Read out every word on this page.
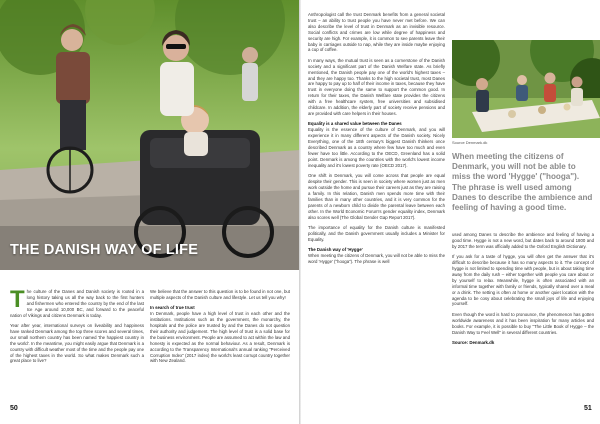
THE DANISH WAY OF LIFE

The culture of the Danes and Danish society is rooted in a long history taking us all the way back to the first hunters and fishermen who entered the country by the end of the last Ice Age around 10,000 BC, and forward to the peaceful nation of Vikings and citizens Denmark is today.

Year after year, international surveys on liveability and happiness have ranked Denmark among the top three scores and several times, our small northern country has been named 'the happiest country in the world'. In the meantime, you might easily argue that Denmark is a country with difficult weather most of the time and the people pay one of the highest taxes in the world. So what makes Denmark such a great place to live?

We believe that the answer to this question is to be found in not one, but multiple aspects of the Danish culture and lifestyle. Let us tell you why!

In search of true trust

In Denmark, people have a high level of trust in each other and the institutions. Institutions such as the government, the monarchy, the hospitals and the police are trusted by and the Danes do not question their authority and judgement. The high level of trust is a solid base for the business environment. People are assumed to act within the law and honesty is expected as the normal behaviour. As a result, Denmark is according to the Transparency International's annual ranking "Perceived Corruption Index" (2017 index) the world's least corrupt country together with New Zealand.

50

Anthropologist call the trust Denmark benefits from a general societal trust – an ability to trust people you have never met before. We can also describe the level of trust in Denmark as an invisible resource. Social conflicts and crimes are low while degree of happiness and security are high. For example, it is common to see parents leave their baby in carriages outside to nap, while they are inside maybe enjoying a cup of coffee.

In many ways, the mutual trust is seen as a cornerstone of the Danish society and a significant part of the Danish Welfare state. As briefly mentioned, the Danish people pay one of the world's highest taxes – and they are happy too. Thanks to the high societal trust, most Danes are happy to pay up to half of their income in taxes, because they have trust in everyone doing the same to support the common good. In return for their taxes, the Danish Welfare state provides the citizens with a free healthcare system, free universities and subsidised childcare. In addition, the elderly part of society receive pensions and are provided with care helpers in their houses.

Equality is a shared value between the Danes

Equality is the essence of the culture of Denmark, and you will experience it in many different aspects of the Danish society. Nicely Everything, one of the 18th century's biggest Danish thinkers once described Denmark as a country where few have too much and even fewer have too little. According to the OECD, Greenland has a solid point. Denmark is among the countries with the world's lowest income inequality and it's lowest poverty rate (OECD 2017).

One shift in Denmark, you will come across that people are equal despite their gender. This is seen in society where women just as men work outside the home and pursue their careers just as they are raising a family. In this relation, Danish men spends more time with their families than in many other countries, and it is very common for the parents of a newborn child to divide the parental leave between each other. In the World Economic Forum's gender equality index, Denmark also scores well (The Global Gender Gap Report 2017).

The importance of equality for the Danish culture is manifested politically, and the Danish government usually includes a Minister for Equality.

The Danish way of 'Hygge'

When meeting the citizens of Denmark, you will not be able to miss the word 'Hygge' ("hooga"). The phrase is well

51
Source Denmark.dk

When meeting the citizens of Denmark, you will not be able to miss the word 'Hygge' ("hooga"). The phrase is well used among Danes to describe the ambience and feeling of having a good time.

used among Danes to describe the ambience and feeling of having a good time. Hygge is not a new word, but dates back to around 1800 and by 2017 the term was officially added to the Oxford English Dictionary.

If you ask for a taste of hygge, you will often get the answer that it's difficult to describe because it has so many aspects to it. The concept of hygge is not limited to spending time with people, but is about taking time away from the daily rush – either together with people you care about or by yourself to relax. Meanwhile, hygge is often associated with an informal time together with family or friends, typically shared over a meal or a drink. The setting is often at home or another quiet location with the agenda to be cosy about celebrating the small joys of life and enjoying yourself.

Even though the word is hard to pronounce, the phenomenon has gotten worldwide awareness and it has been inspiration for many articles and books. For example, it is possible to buy "The Little Book of Hygge – the Danish Way to Feel Well" in several different countries.

Source: Denmark.dk
